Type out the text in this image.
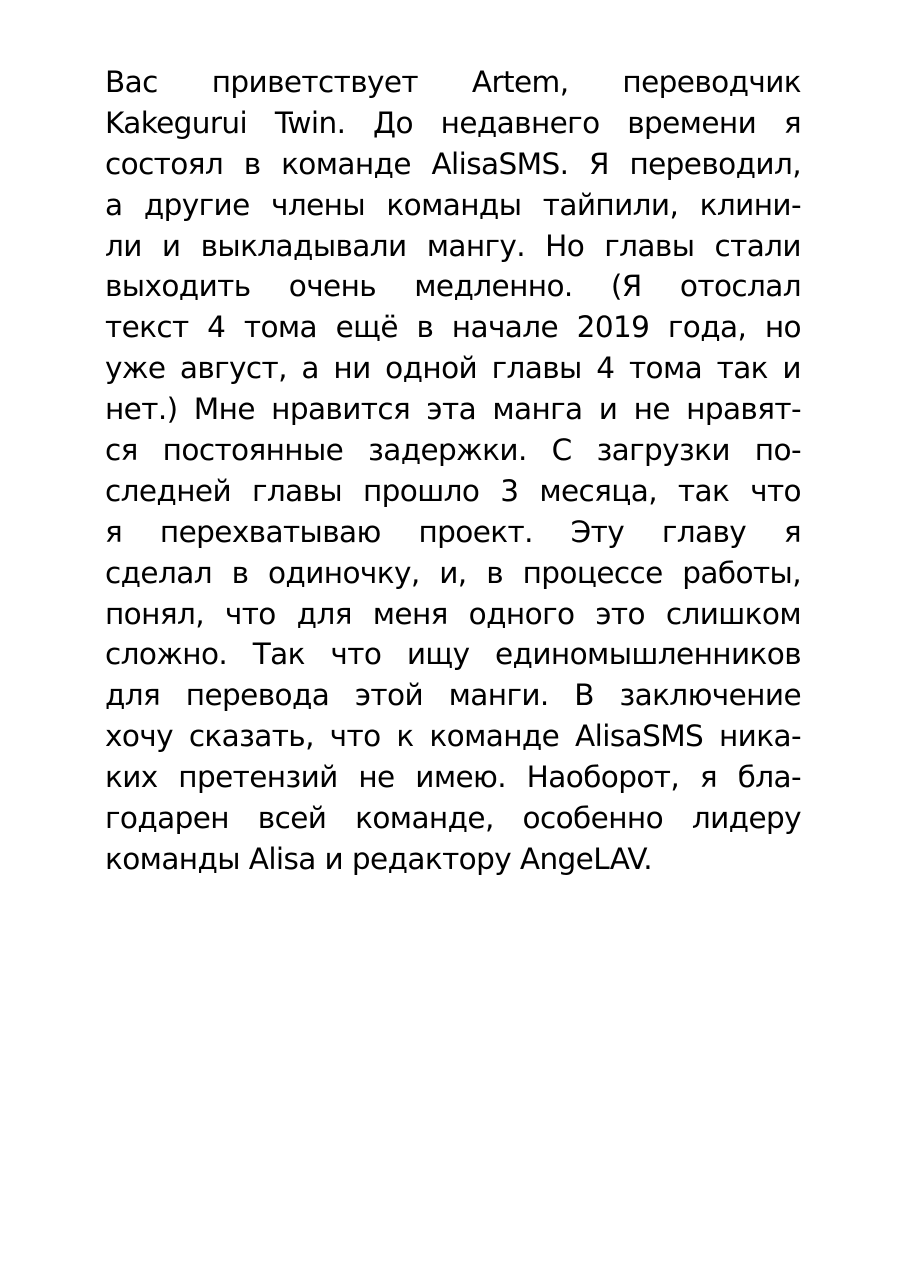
Вас приветствует Artem, переводчик
Kakegurui Twin. До недавнего времени я
состоял в команде AlisaSMS. Я переводил,
а другие члены команды тайпили, клини-
ли и выкладывали мангу. Но главы стали
выходить очень медленно. (Я отослал
текст 4 тома ещё в начале 2019 года, но
уже август, а ни одной главы 4 тома так и
нет.) Мне нравится эта манга и не нравят-
ся постоянные задержки. С загрузки по-
следней главы прошло 3 месяца, так что
я перехватываю проект. Эту главу я
сделал в одиночку, и, в процессе работы,
понял, что для меня одного это слишком
сложно. Так что ищу единомышленников
для перевода этой манги. В заключение
хочу сказать, что к команде AlisaSMS ника-
ких претензий не имею. Наоборот, я бла-
годарен всей команде, особенно лидеру
команды Alisa и редактору AngeLAV.
